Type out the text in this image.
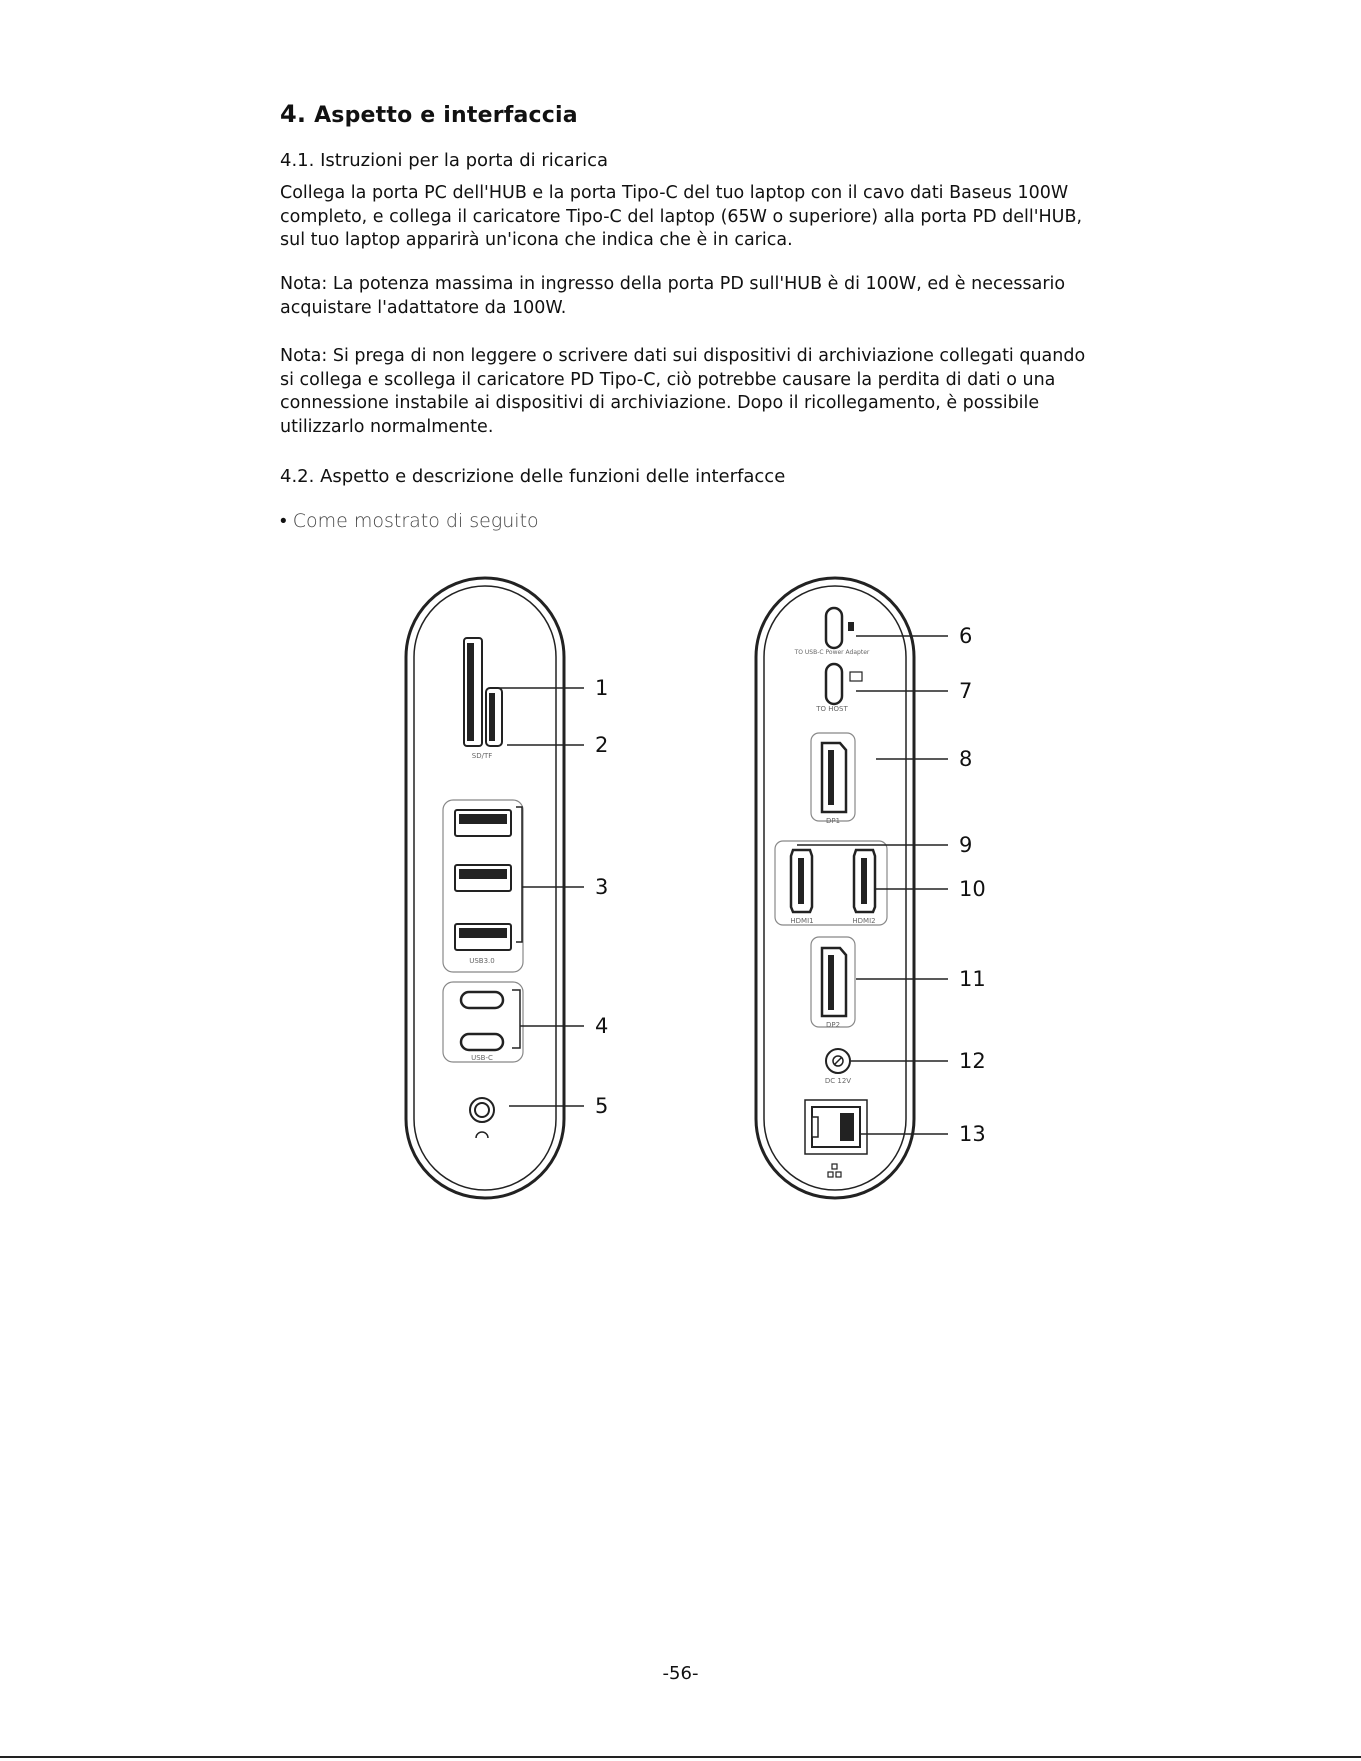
4. Aspetto e interfaccia
4.1. Istruzioni per la porta di ricarica
Collega la porta PC dell'HUB e la porta Tipo-C del tuo laptop con il cavo dati Baseus 100W completo, e collega il caricatore Tipo-C del laptop (65W o superiore) alla porta PD dell'HUB, sul tuo laptop apparirà un'icona che indica che è in carica.
Nota: La potenza massima in ingresso della porta PD sull'HUB è di 100W, ed è necessario acquistare l'adattatore da 100W.
Nota: Si prega di non leggere o scrivere dati sui dispositivi di archiviazione collegati quando si collega e scollega il caricatore PD Tipo-C, ciò potrebbe causare la perdita di dati o una connessione instabile ai dispositivi di archiviazione. Dopo il ricollegamento, è possibile utilizzarlo normalmente.
4.2. Aspetto e descrizione delle funzioni delle interfacce
• Come mostrato di seguito
SD/TF
USB3.0
USB-C
TO USB-C Power Adapter
TO HOST
DP1
HDMI1	HDMI2
DP2
DC 12V
1
2
3
4
5
6
7
8
9
10
11
12
13
-56-
